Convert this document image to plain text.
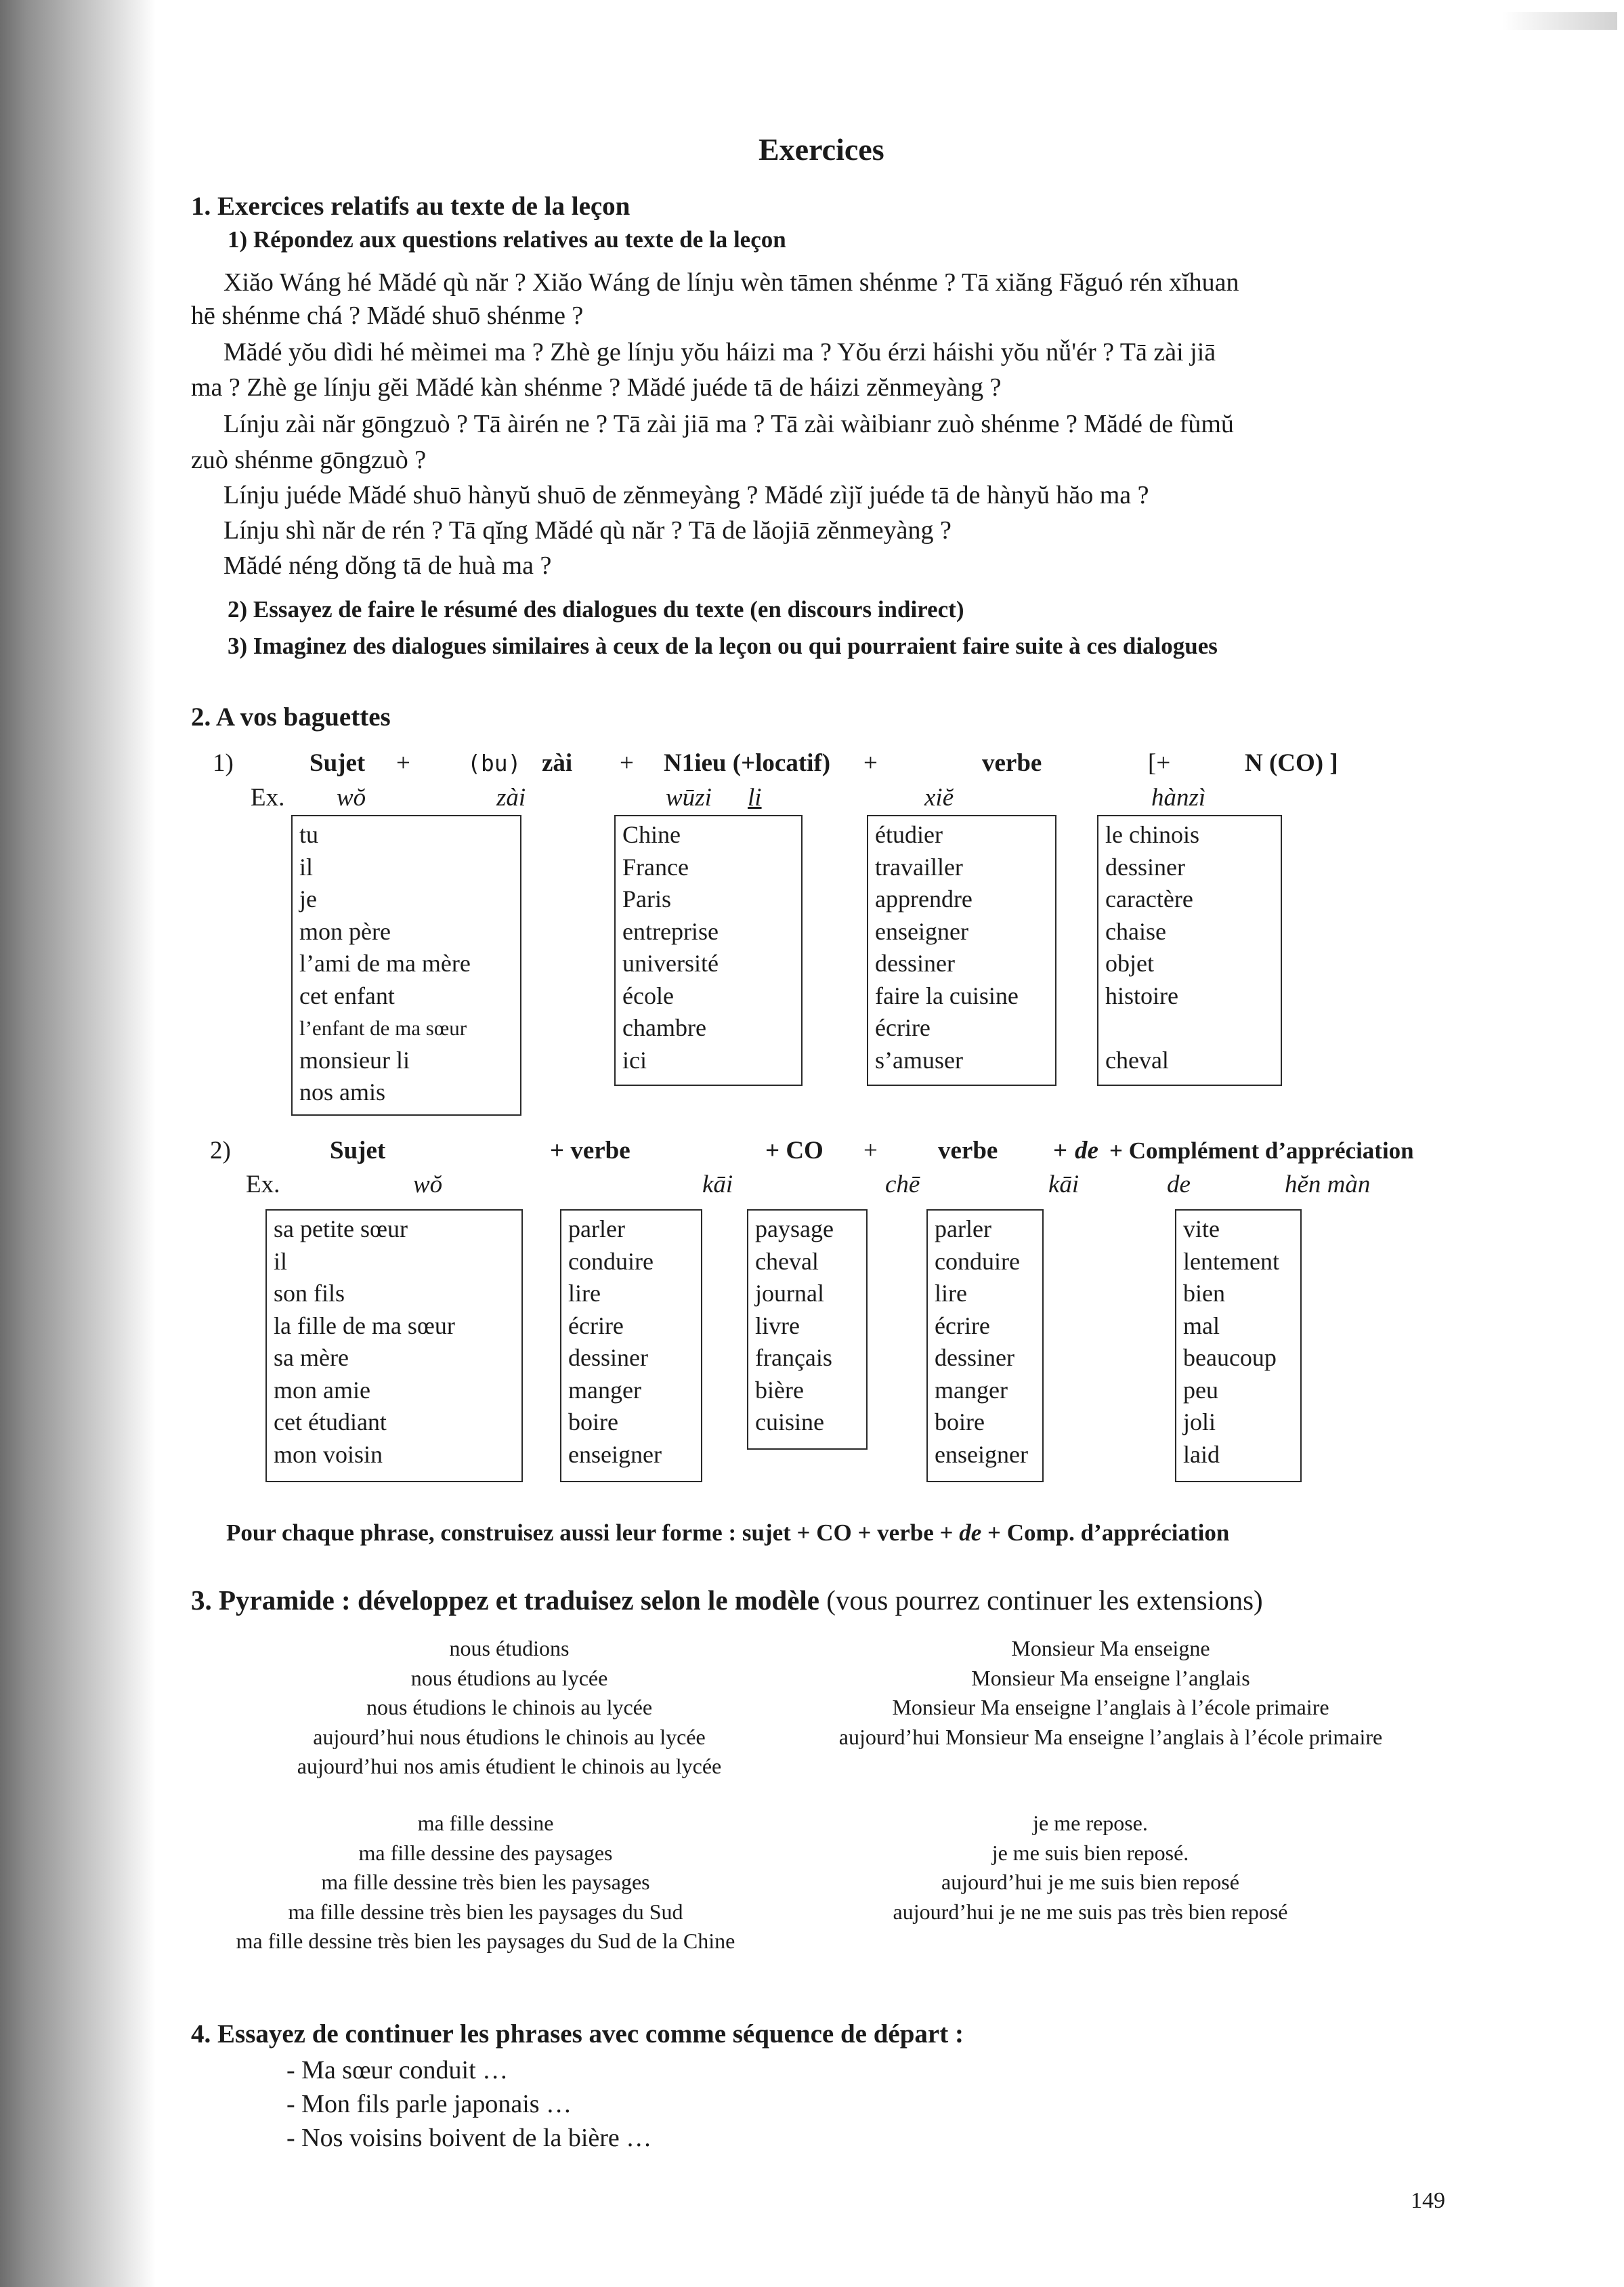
Exercices
1. Exercices relatifs au texte de la leçon
1) Répondez aux questions relatives au texte de la leçon
Xiăo Wáng hé Mădé qù năr ? Xiăo Wáng de línju wèn tāmen shénme ? Tā xiăng Făguó rén xĭhuan
hē shénme chá ? Mădé shuō shénme ?
Mădé yŏu dìdi hé mèimei ma ? Zhè ge línju yŏu háizi ma ? Yŏu érzi háishi yŏu nǚ'ér ? Tā zài jiā
ma ? Zhè ge línju gĕi Mădé kàn shénme ? Mădé juéde tā de háizi zĕnmeyàng ?
Línju zài năr gōngzuò ? Tā àirén ne ? Tā zài jiā ma ? Tā zài wàibianr zuò shénme ? Mădé de fùmŭ
zuò shénme gōngzuò ?
Línju juéde Mădé shuō hànyŭ shuō de zĕnmeyàng ? Mădé zìjĭ juéde tā de hànyŭ hăo ma ?
Línju shì năr de rén ? Tā qĭng Mădé qù năr ? Tā de lăojiā zĕnmeyàng ?
Mădé néng dŏng tā de huà ma ?
2) Essayez de faire le résumé des dialogues du texte (en discours indirect)
3) Imaginez des dialogues similaires à ceux de la leçon ou qui pourraient faire suite à ces dialogues
2. A vos baguettes
1)	Sujet +	(bu) zài + N1ieu (+locatif) +	verbe	[+	N (CO) ]
Ex. wŏ	zài	wūzi li	xiĕ	hànzì
tu
il
je
mon père
l’ami de ma mère
cet enfant
l’enfant de ma sœur
monsieur li
nos amis
Chine
France
Paris
entreprise
université
école
chambre
ici
étudier
travailler
apprendre
enseigner
dessiner
faire la cuisine
écrire
s’amuser
le chinois
dessiner
caractère
chaise
objet
histoire
cheval
2)	Sujet	+ verbe	+ CO + verbe + de + Complément d’appréciation
Ex.	wŏ	kāi	chē	kāi	de	hĕn màn
sa petite sœur
il
son fils
la fille de ma sœur
sa mère
mon amie
cet étudiant
mon voisin
parler
conduire
lire
écrire
dessiner
manger
boire
enseigner
paysage
cheval
journal
livre
français
bière
cuisine
parler
conduire
lire
écrire
dessiner
manger
boire
enseigner
vite
lentement
bien
mal
beaucoup
peu
joli
laid
Pour chaque phrase, construisez aussi leur forme : sujet + CO + verbe + de + Comp. d’appréciation
3. Pyramide : développez et traduisez selon le modèle (vous pourrez continuer les extensions)
nous étudions
nous étudions au lycée
nous étudions le chinois au lycée
aujourd’hui nous étudions le chinois au lycée
aujourd’hui nos amis étudient le chinois au lycée
Monsieur Ma enseigne
Monsieur Ma enseigne l’anglais
Monsieur Ma enseigne l’anglais à l’école primaire
aujourd’hui Monsieur Ma enseigne l’anglais à l’école primaire
ma fille dessine
ma fille dessine des paysages
ma fille dessine très bien les paysages
ma fille dessine très bien les paysages du Sud
ma fille dessine très bien les paysages du Sud de la Chine
je me repose.
je me suis bien reposé.
aujourd’hui je me suis bien reposé
aujourd’hui je ne me suis pas très bien reposé
4. Essayez de continuer les phrases avec comme séquence de départ :
- Ma sœur conduit …
- Mon fils parle japonais …
- Nos voisins boivent de la bière …
149
